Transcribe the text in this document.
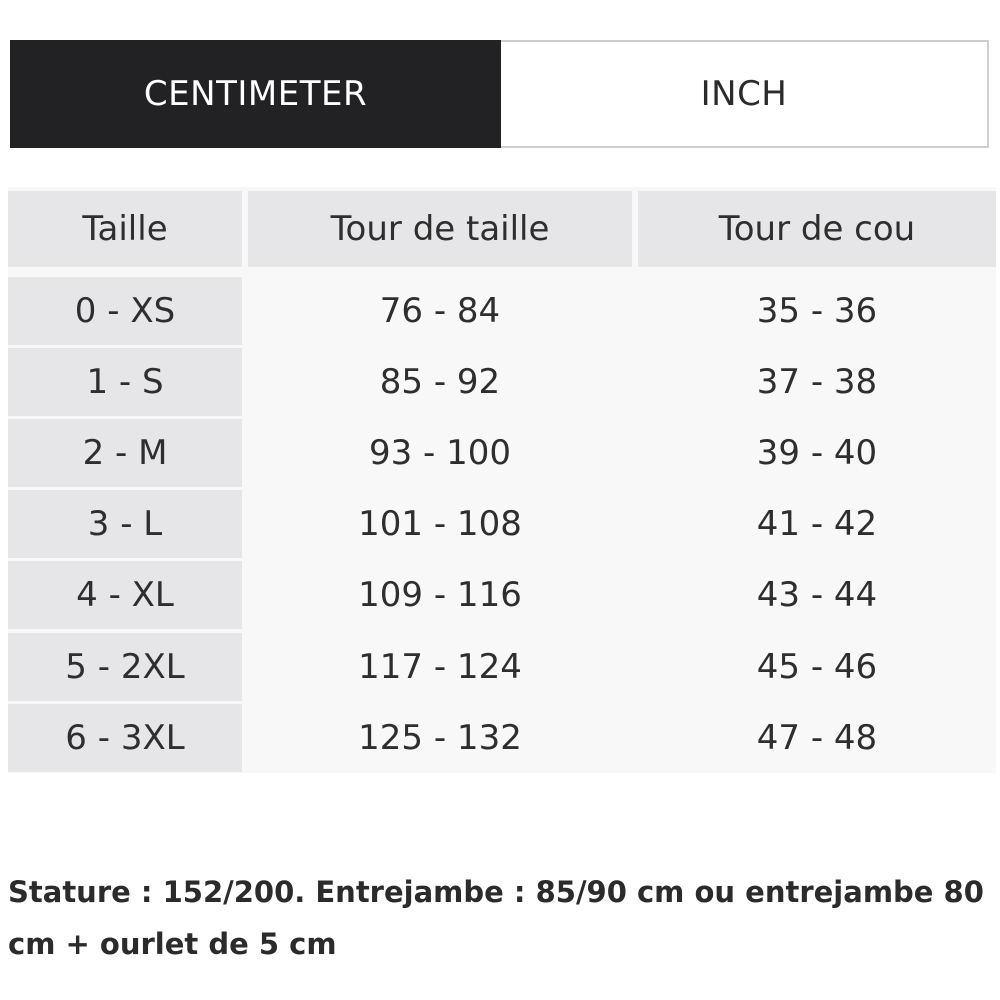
CENTIMETER	INCH
Taille	Tour de taille	Tour de cou
0 - XS	76 - 84	35 - 36
1 - S	85 - 92	37 - 38
2 - M	93 - 100	39 - 40
3 - L	101 - 108	41 - 42
4 - XL	109 - 116	43 - 44
5 - 2XL	117 - 124	45 - 46
6 - 3XL	125 - 132	47 - 48

Stature : 152/200. Entrejambe : 85/90 cm ou entrejambe 80 cm + ourlet de 5 cm
